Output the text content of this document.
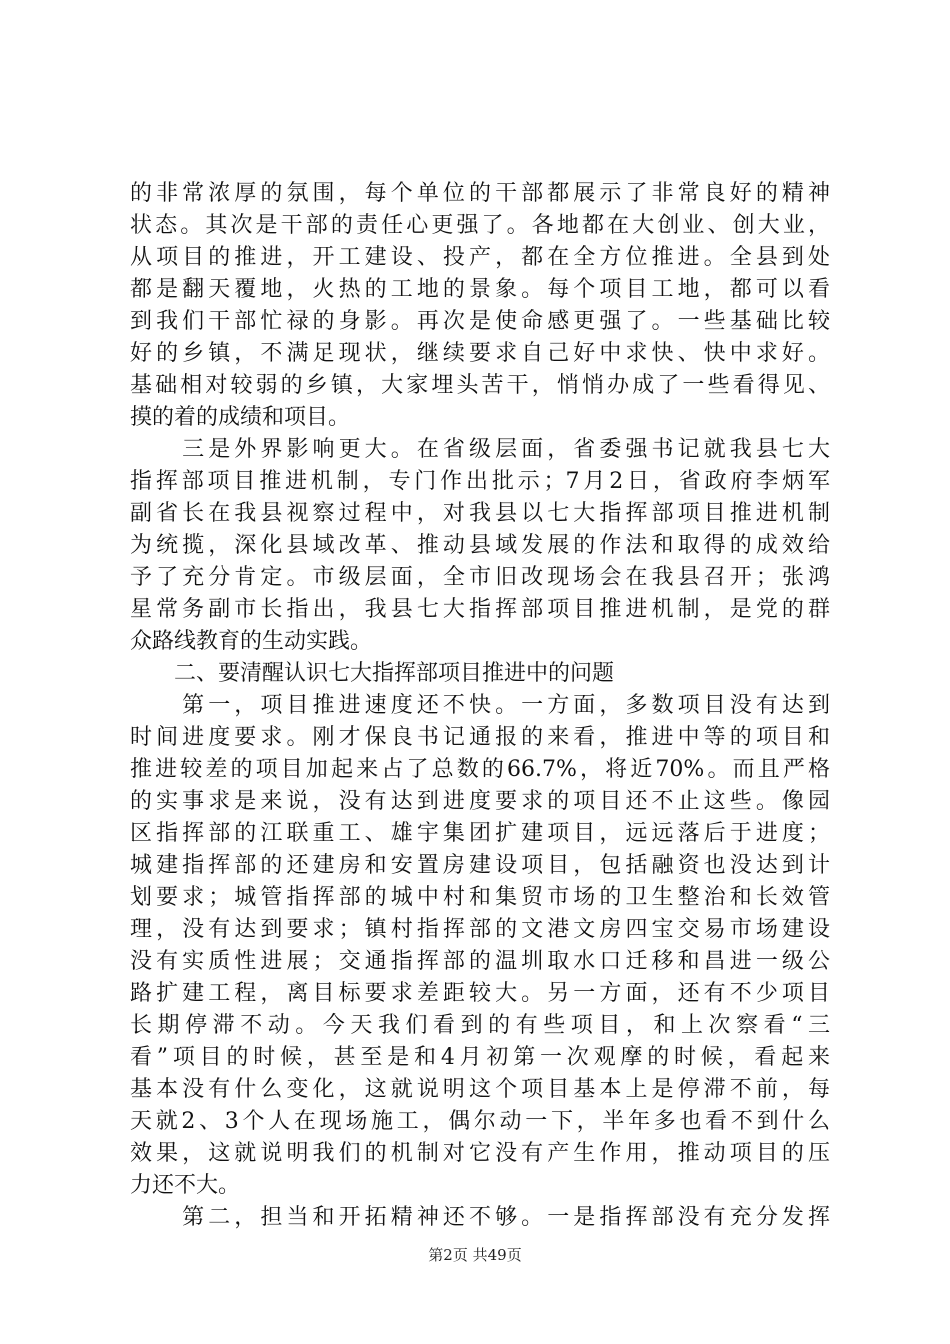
的非常浓厚的氛围，每个单位的干部都展示了非常良好的精神
状态。其次是干部的责任心更强了。各地都在大创业、创大业，
从项目的推进，开工建设、投产，都在全方位推进。全县到处
都是翻天覆地，火热的工地的景象。每个项目工地，都可以看
到我们干部忙禄的身影。再次是使命感更强了。一些基础比较
好的乡镇，不满足现状，继续要求自己好中求快、快中求好。
基础相对较弱的乡镇，大家埋头苦干，悄悄办成了一些看得见、
摸的着的成绩和项目。
　　三是外界影响更大。在省级层面，省委强书记就我县七大
指挥部项目推进机制，专门作出批示；7月2日，省政府李炳军
副省长在我县视察过程中，对我县以七大指挥部项目推进机制
为统揽，深化县域改革、推动县域发展的作法和取得的成效给
予了充分肯定。市级层面，全市旧改现场会在我县召开；张鸿
星常务副市长指出，我县七大指挥部项目推进机制，是党的群
众路线教育的生动实践。
　　二、要清醒认识七大指挥部项目推进中的问题
　　第一，项目推进速度还不快。一方面，多数项目没有达到
时间进度要求。刚才保良书记通报的来看，推进中等的项目和
推进较差的项目加起来占了总数的66.7%，将近70%。而且严格
的实事求是来说，没有达到进度要求的项目还不止这些。像园
区指挥部的江联重工、雄宇集团扩建项目，远远落后于进度；
城建指挥部的还建房和安置房建设项目，包括融资也没达到计
划要求；城管指挥部的城中村和集贸市场的卫生整治和长效管
理，没有达到要求；镇村指挥部的文港文房四宝交易市场建设
没有实质性进展；交通指挥部的温圳取水口迁移和昌进一级公
路扩建工程，离目标要求差距较大。另一方面，还有不少项目
长期停滞不动。今天我们看到的有些项目，和上次察看“三
看”项目的时候，甚至是和4月初第一次观摩的时候，看起来
基本没有什么变化，这就说明这个项目基本上是停滞不前，每
天就2、3个人在现场施工，偶尔动一下，半年多也看不到什么
效果，这就说明我们的机制对它没有产生作用，推动项目的压
力还不大。
　　第二，担当和开拓精神还不够。一是指挥部没有充分发挥
第2页 共49页
